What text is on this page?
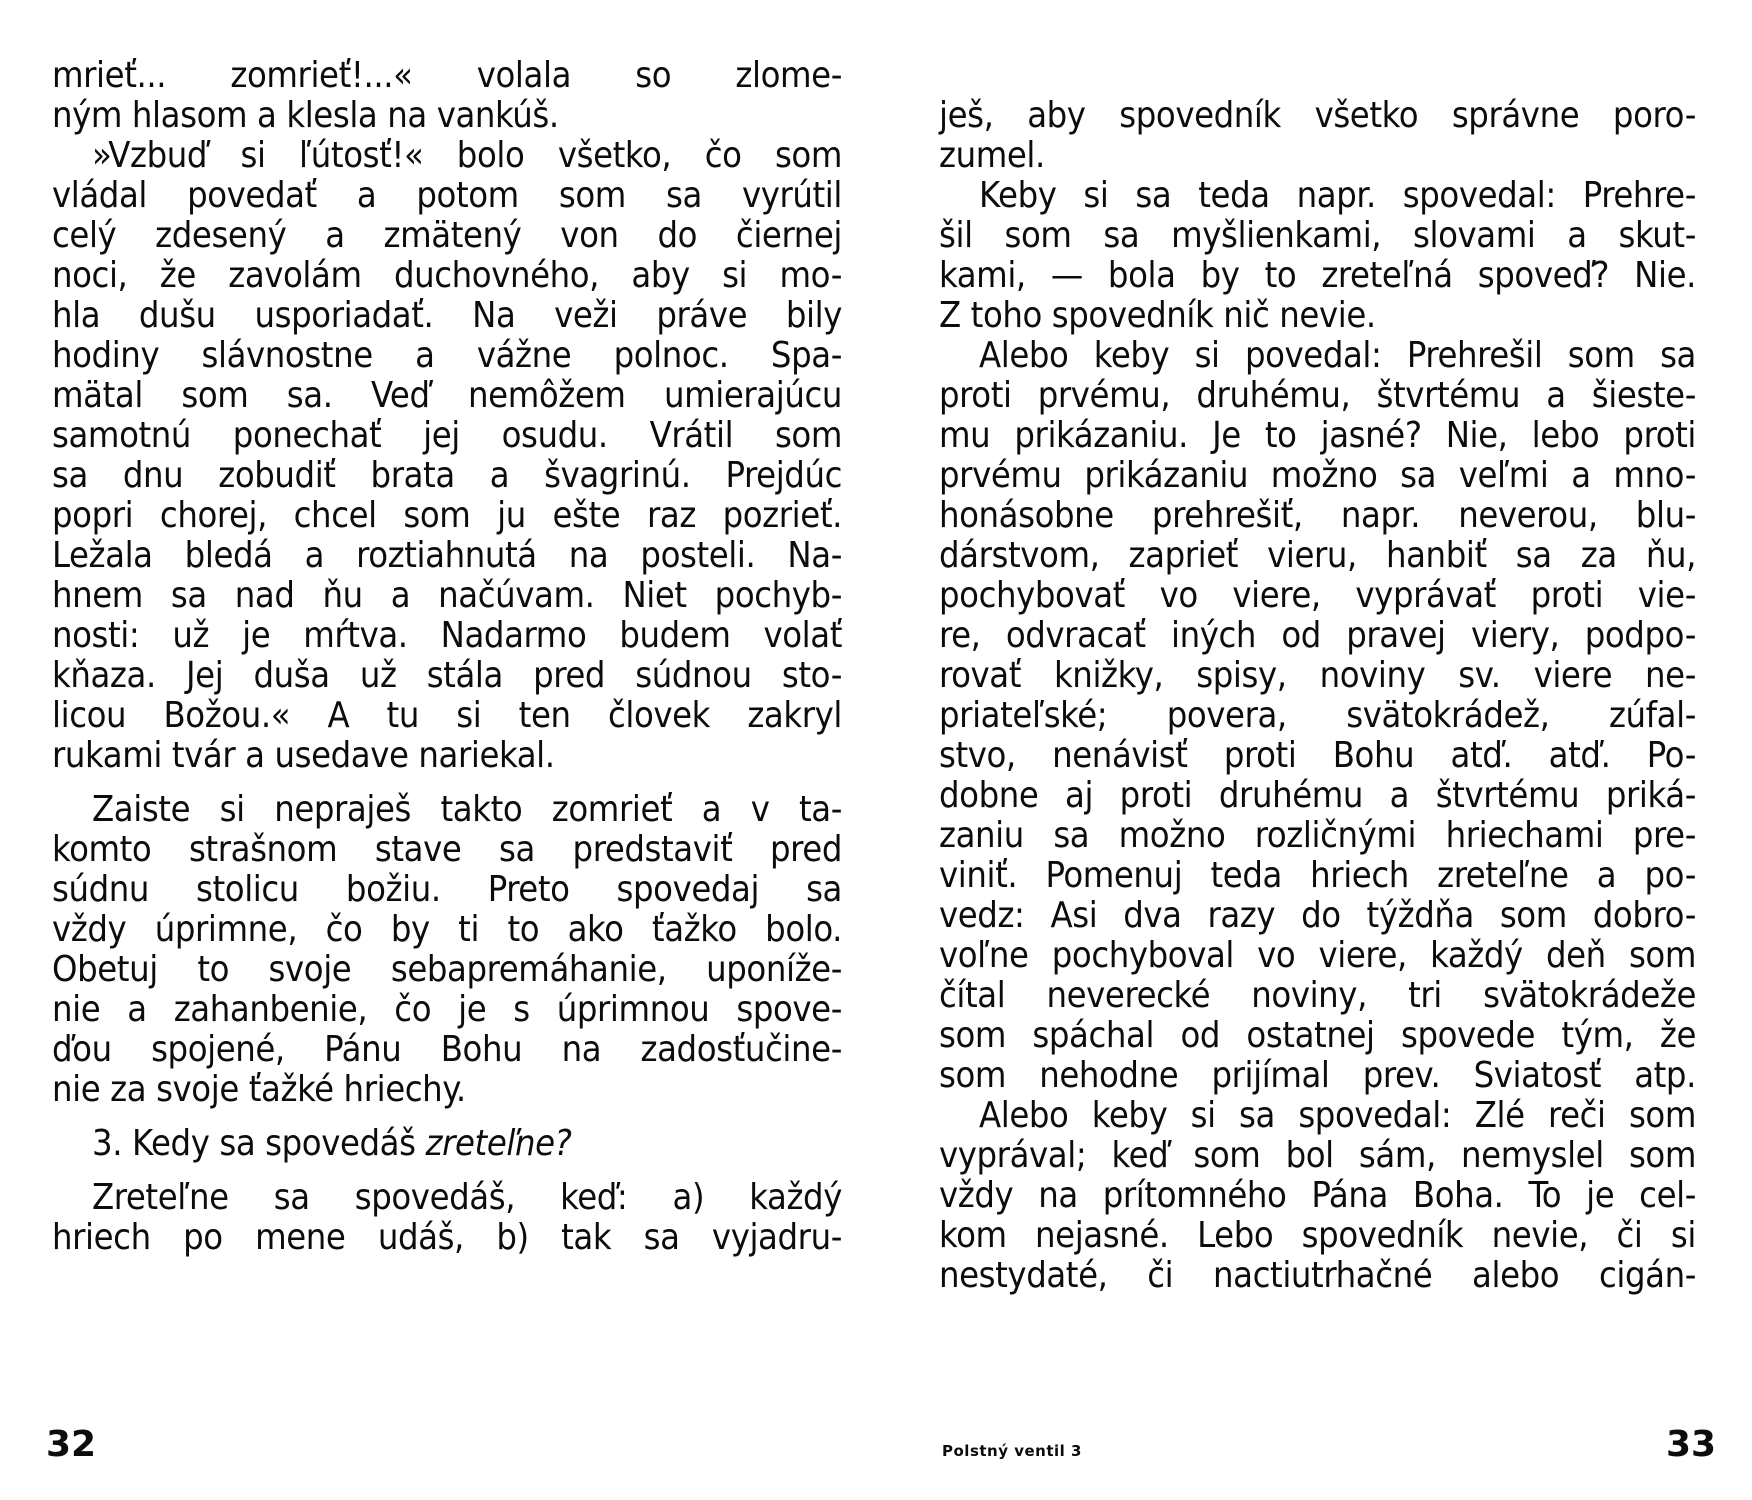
mrieť... zomrieť!...« volala so zlome-
ným hlasom a klesla na vankúš.
»Vzbuď si ľútosť!« bolo všetko, čo som
vládal povedať a potom som sa vyrútil
celý zdesený a zmätený von do čiernej
noci, že zavolám duchovného, aby si mo-
hla dušu usporiadať. Na veži práve bily
hodiny slávnostne a vážne polnoc. Spa-
mätal som sa. Veď nemôžem umierajúcu
samotnú ponechať jej osudu. Vrátil som
sa dnu zobudiť brata a švagrinú. Prejdúc
popri chorej, chcel som ju ešte raz pozrieť.
Ležala bledá a roztiahnutá na posteli. Na-
hnem sa nad ňu a načúvam. Niet pochyb-
nosti: už je mŕtva. Nadarmo budem volať
kňaza. Jej duša už stála pred súdnou sto-
licou Božou.« A tu si ten človek zakryl
rukami tvár a usedave nariekal.
Zaiste si nepraješ takto zomrieť a v ta-
komto strašnom stave sa predstaviť pred
súdnu stolicu božiu. Preto spovedaj sa
vždy úprimne, čo by ti to ako ťažko bolo.
Obetuj to svoje sebapremáhanie, uponíže-
nie a zahanbenie, čo je s úprimnou spove-
ďou spojené, Pánu Bohu na zadosťučine-
nie za svoje ťažké hriechy.
3. Kedy sa spovedáš zreteľne?
Zreteľne sa spovedáš, keď: a) každý
hriech po mene udáš, b) tak sa vyjadru-
32
ješ, aby spovedník všetko správne poro-
zumel.
Keby si sa teda napr. spovedal: Prehre-
šil som sa myšlienkami, slovami a skut-
kami, — bola by to zreteľná spoveď? Nie.
Z toho spovedník nič nevie.
Alebo keby si povedal: Prehrešil som sa
proti prvému, druhému, štvrtému a šieste-
mu prikázaniu. Je to jasné? Nie, lebo proti
prvému prikázaniu možno sa veľmi a mno-
honásobne prehrešiť, napr. neverou, blu-
dárstvom, zaprieť vieru, hanbiť sa za ňu,
pochybovať vo viere, vyprávať proti vie-
re, odvracať iných od pravej viery, podpo-
rovať knižky, spisy, noviny sv. viere ne-
priateľské; povera, svätokrádež, zúfal-
stvo, nenávisť proti Bohu atď. atď. Po-
dobne aj proti druhému a štvrtému priká-
zaniu sa možno rozličnými hriechami pre-
viniť. Pomenuj teda hriech zreteľne a po-
vedz: Asi dva razy do týždňa som dobro-
voľne pochyboval vo viere, každý deň som
čítal neverecké noviny, tri svätokrádeže
som spáchal od ostatnej spovede tým, že
som nehodne prijímal prev. Sviatosť atp.
Alebo keby si sa spovedal: Zlé reči som
vyprával; keď som bol sám, nemyslel som
vždy na prítomného Pána Boha. To je cel-
kom nejasné. Lebo spovedník nevie, či si
nestydaté, či nactiutrhačné alebo cigán-
Polstný ventil 3	33
